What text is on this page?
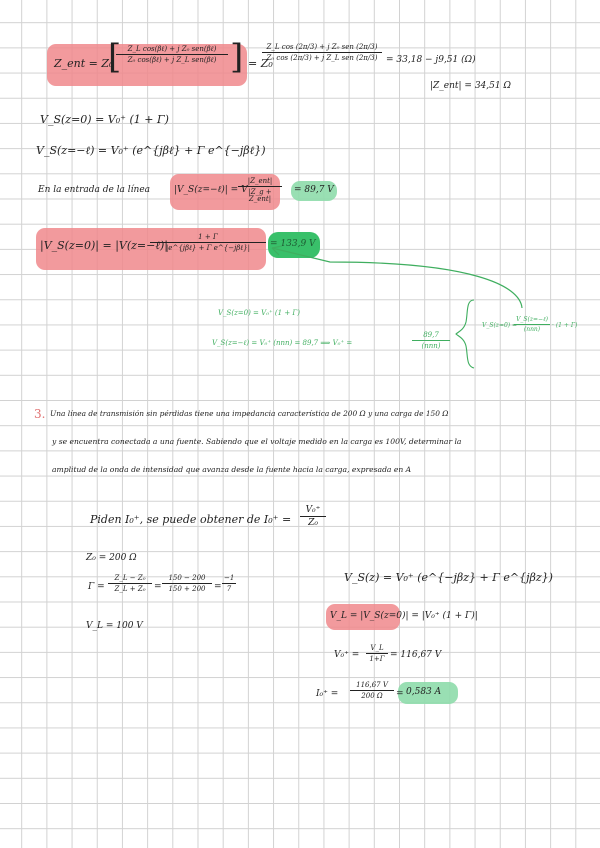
Z_ent = Z₀
[ Z_L cos(βℓ) + j Z₀ sen(βℓ)
Z₀ cos(βℓ) + j Z_L sen(βℓ) ] = Z₀
Z_L cos (2π/3) + j Z₀ sen (2π/3)
Z₀ cos (2π/3) + j Z_L sen (2π/3) = 33,18 − j9,51 (Ω)
|Z_ent| = 34,51 Ω
V_S(z=0) = V₀⁺ (1 + Γ)
V_S(z=−ℓ) = V₀⁺ (e^{jβℓ} + Γ e^{−jβℓ})
En la entrada de la línea	|V_S(z=−ℓ)| = V
|Z_ent|
|Z_g + Z_ent|
= 89,7 V
|V_S(z=0)| = |V(z=−ℓ)|
1 + Γ
|e^{jβℓ} + Γ e^{−jβℓ}|	= 133,9 V
V_S(z=0) = V₀⁺ (1 + Γ)
V_S(z=−ℓ) = V₀⁺ (nnn) = 89,7 ⟹ V₀⁺ =
89,7
(nnn)
V_S(z=0) =
V_S(z=−ℓ)
(nnn)
· (1 + Γ)
3. Una línea de transmisión sin pérdidas tiene una impedancia característica de 200 Ω y una carga de 150 Ω
y se encuentra conectada a una fuente. Sabiendo que el voltaje medido en la carga es 100V, determinar la
amplitud de la onda de intensidad que avanza desde la fuente hacia la carga, expresada en A
Piden I₀⁺, se puede obtener de $I_0^+ = \frac{\text{V₀⁺}}{\text{Z₀}}$
Z₀ = 200 Ω
$\Gamma = \frac{\text{Z\_L − Z₀}}{\text{Z\_L + Z₀}} = \frac{150 - 200}{150 + 200} = \frac{-1}{7}$
V_L = 100 V
V_S(z) = V₀⁺ (e^{−jβz} + Γ e^{jβz})
V_L = |V_S(z=0)| = |V₀⁺ (1 + Γ)|
$V_0^+ = \frac{V\_L}{1+\Gamma} = 116,67$ V
$I_0^+ = \frac{116,67 V}{200 \Omega} = 0,583$ A
